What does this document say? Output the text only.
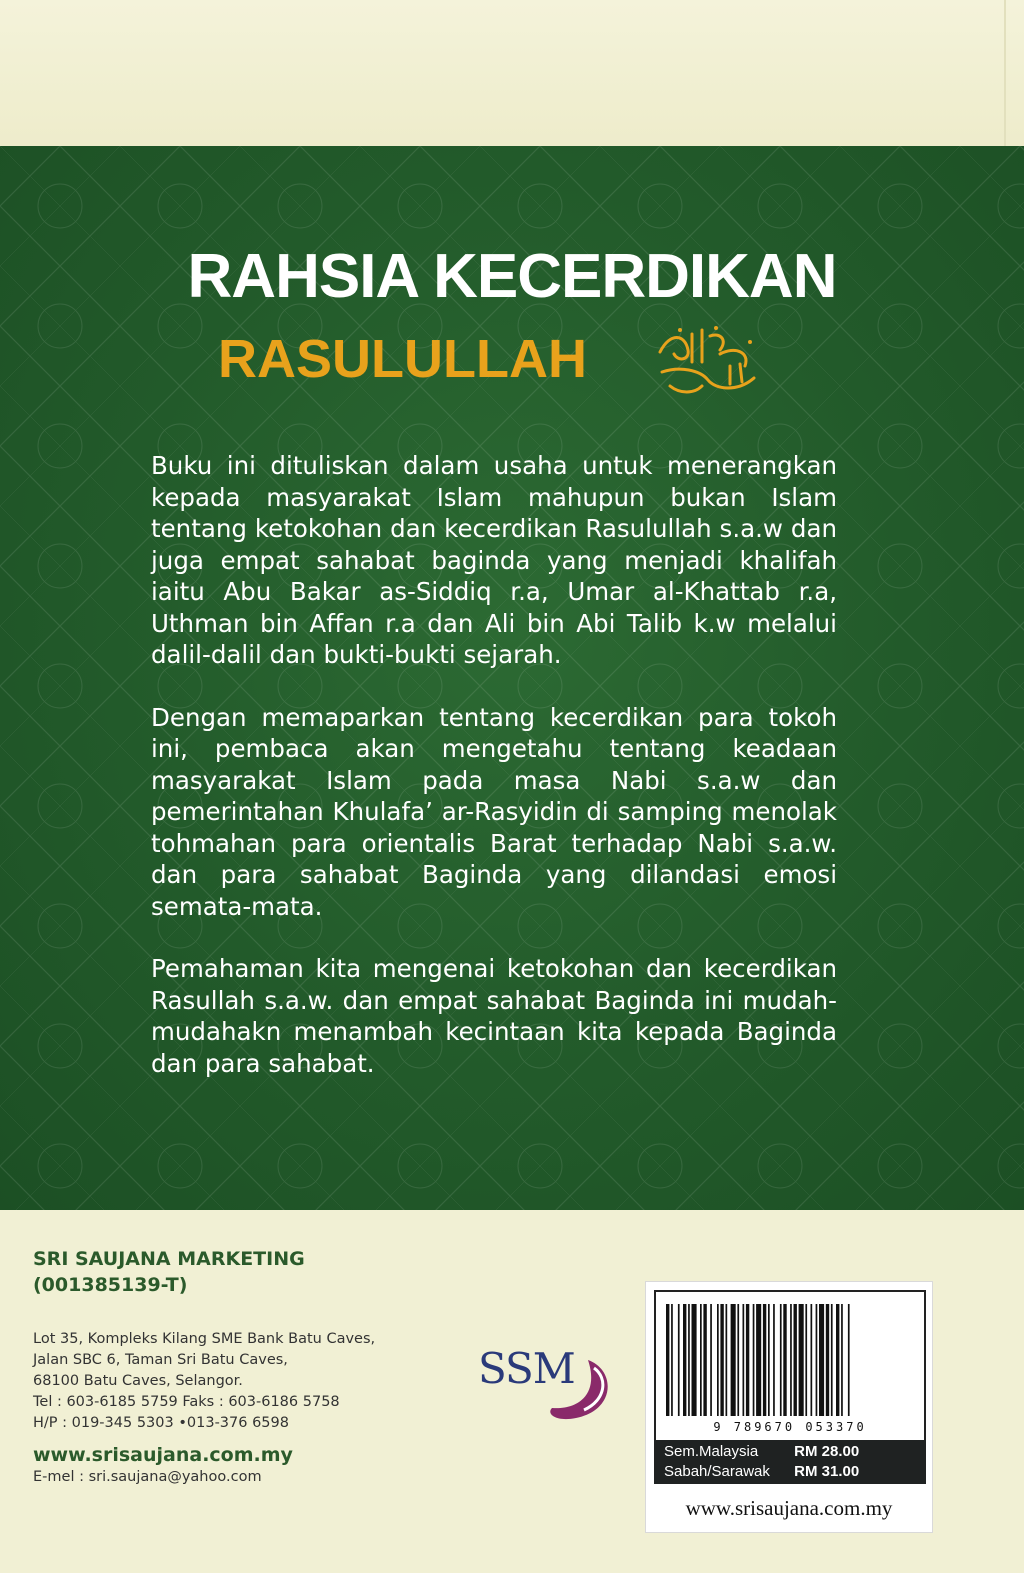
RAHSIA KECERDIKAN
RASULULLAH

Buku ini dituliskan dalam usaha untuk menerangkan kepada masyarakat Islam mahupun bukan Islam tentang ketokohan dan kecerdikan Rasulullah s.a.w dan juga empat sahabat baginda yang menjadi khalifah iaitu Abu Bakar as-Siddiq r.a, Umar al-Khattab r.a, Uthman bin Affan r.a dan Ali bin Abi Talib k.w melalui dalil-dalil dan bukti-bukti sejarah.

Dengan memaparkan tentang kecerdikan para tokoh ini, pembaca akan mengetahu tentang keadaan masyarakat Islam pada masa Nabi s.a.w dan pemerintahan Khulafa’ ar-Rasyidin di samping menolak tohmahan para orientalis Barat terhadap Nabi s.a.w. dan para sahabat Baginda yang dilandasi emosi semata-mata.

Pemahaman kita mengenai ketokohan dan kecerdikan Rasullah s.a.w. dan empat sahabat Baginda ini mudah-mudahakn menambah kecintaan kita kepada Baginda dan para sahabat.

SRI SAUJANA MARKETING
(001385139-T)
Lot 35, Kompleks Kilang SME Bank Batu Caves,
Jalan SBC 6, Taman Sri Batu Caves,
68100 Batu Caves, Selangor.
Tel : 603-6185 5759 Faks : 603-6186 5758
H/P : 019-345 5303 •013-376 6598
www.srisaujana.com.my
E-mel : sri.saujana@yahoo.com
SSM
9 789670 053370
Sem.Malaysia RM 28.00
Sabah/Sarawak RM 31.00
www.srisaujana.com.my
